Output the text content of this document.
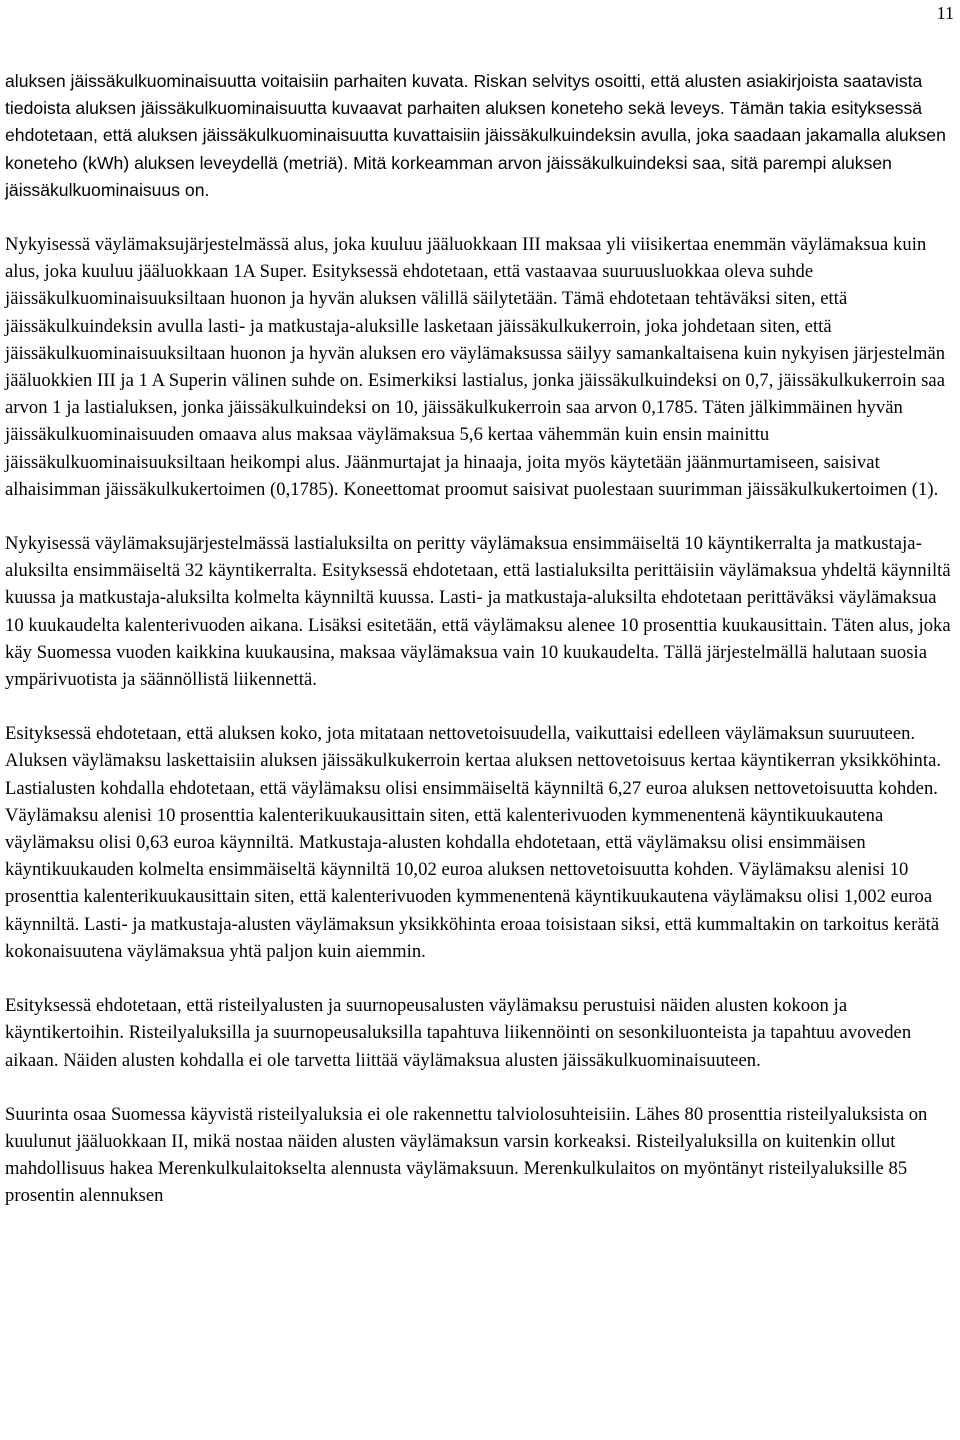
11

aluksen jäissäkulkuominaisuutta voitaisiin parhaiten kuvata. Riskan selvitys osoitti, että alusten asiakirjoista saatavista tiedoista aluksen jäissäkulkuominaisuutta kuvaavat parhaiten aluksen koneteho sekä leveys. Tämän takia esityksessä ehdotetaan, että aluksen jäissäkulkuominaisuutta kuvattaisiin jäissäkulkuindeksin avulla, joka saadaan jakamalla aluksen koneteho (kWh) aluksen leveydellä (metriä). Mitä korkeamman arvon jäissäkulkuindeksi saa, sitä parempi aluksen jäissäkulkuominaisuus on.

Nykyisessä väylämaksujärjestelmässä alus, joka kuuluu jääluokkaan III maksaa yli viisikertaa enemmän väylämaksua kuin alus, joka kuuluu jääluokkaan 1A Super. Esityksessä ehdotetaan, että vastaavaa suuruusluokkaa oleva suhde jäissäkulkuominaisuuksiltaan huonon ja hyvän aluksen välillä säilytetään. Tämä ehdotetaan tehtäväksi siten, että jäissäkulkuindeksin avulla lasti- ja matkustaja-aluksille lasketaan jäissäkulkukerroin, joka johdetaan siten, että jäissäkulkuominaisuuksiltaan huonon ja hyvän aluksen ero väylämaksussa säilyy samankaltaisena kuin nykyisen järjestelmän jääluokkien III ja 1 A Superin välinen suhde on. Esimerkiksi lastialus, jonka jäissäkulkuindeksi on 0,7, jäissäkulkukerroin saa arvon 1 ja lastialuksen, jonka jäissäkulkuindeksi on 10, jäissäkulkukerroin saa arvon 0,1785. Täten jälkimmäinen hyvän jäissäkulkuominaisuuden omaava alus maksaa väylämaksua 5,6 kertaa vähemmän kuin ensin mainittu jäissäkulkuominaisuuksiltaan heikompi alus. Jäänmurtajat ja hinaaja, joita myös käytetään jäänmurtamiseen, saisivat alhaisimman jäissäkulkukertoimen (0,1785). Koneettomat proomut saisivat puolestaan suurimman jäissäkulkukertoimen (1).

Nykyisessä väylämaksujärjestelmässä lastialuksilta on peritty väylämaksua ensimmäiseltä 10 käyntikerralta ja matkustaja-aluksilta ensimmäiseltä 32 käyntikerralta. Esityksessä ehdotetaan, että lastialuksilta perittäisiin väylämaksua yhdeltä käynniltä kuussa ja matkustaja-aluksilta kolmelta käynniltä kuussa. Lasti- ja matkustaja-aluksilta ehdotetaan perittäväksi väylämaksua 10 kuukaudelta kalenterivuoden aikana. Lisäksi esitetään, että väylämaksu alenee 10 prosenttia kuukausittain. Täten alus, joka käy Suomessa vuoden kaikkina kuukausina, maksaa väylämaksua vain 10 kuukaudelta. Tällä järjestelmällä halutaan suosia ympärivuotista ja säännöllistä liikennettä.

Esityksessä ehdotetaan, että aluksen koko, jota mitataan nettovetoisuudella, vaikuttaisi edelleen väylämaksun suuruuteen. Aluksen väylämaksu laskettaisiin aluksen jäissäkulkukerroin kertaa aluksen nettovetoisuus kertaa käyntikerran yksikköhinta. Lastialusten kohdalla ehdotetaan, että väylämaksu olisi ensimmäiseltä käynniltä 6,27 euroa aluksen nettovetoisuutta kohden. Väylämaksu alenisi 10 prosenttia kalenterikuukausittain siten, että kalenterivuoden kymmenentenä käyntikuukautena väylämaksu olisi 0,63 euroa käynniltä. Matkustaja-alusten kohdalla ehdotetaan, että väylämaksu olisi ensimmäisen käyntikuukauden kolmelta ensimmäiseltä käynniltä 10,02 euroa aluksen nettovetoisuutta kohden. Väylämaksu alenisi 10 prosenttia kalenterikuukausittain siten, että kalenterivuoden kymmenentenä käyntikuukautena väylämaksu olisi 1,002 euroa käynniltä. Lasti- ja matkustaja-alusten väylämaksun yksikköhinta eroaa toisistaan siksi, että kummaltakin on tarkoitus kerätä kokonaisuutena väylämaksua yhtä paljon kuin aiemmin.

Esityksessä ehdotetaan, että risteilyalusten ja suurnopeusalusten väylämaksu perustuisi näiden alusten kokoon ja käyntikertoihin. Risteilyaluksilla ja suurnopeusaluksilla tapahtuva liikennöinti on sesonkiluonteista ja tapahtuu avoveden aikaan. Näiden alusten kohdalla ei ole tarvetta liittää väylämaksua alusten jäissäkulkuominaisuuteen.

Suurinta osaa Suomessa käyvistä risteilyaluksia ei ole rakennettu talviolosuhteisiin. Lähes 80 prosenttia risteilyaluksista on kuulunut jääluokkaan II, mikä nostaa näiden alusten väylämaksun varsin korkeaksi. Risteilyaluksilla on kuitenkin ollut mahdollisuus hakea Merenkulkulaitokselta alennusta väylämaksuun. Merenkulkulaitos on myöntänyt risteilyaluksille 85 prosentin alennuksen
